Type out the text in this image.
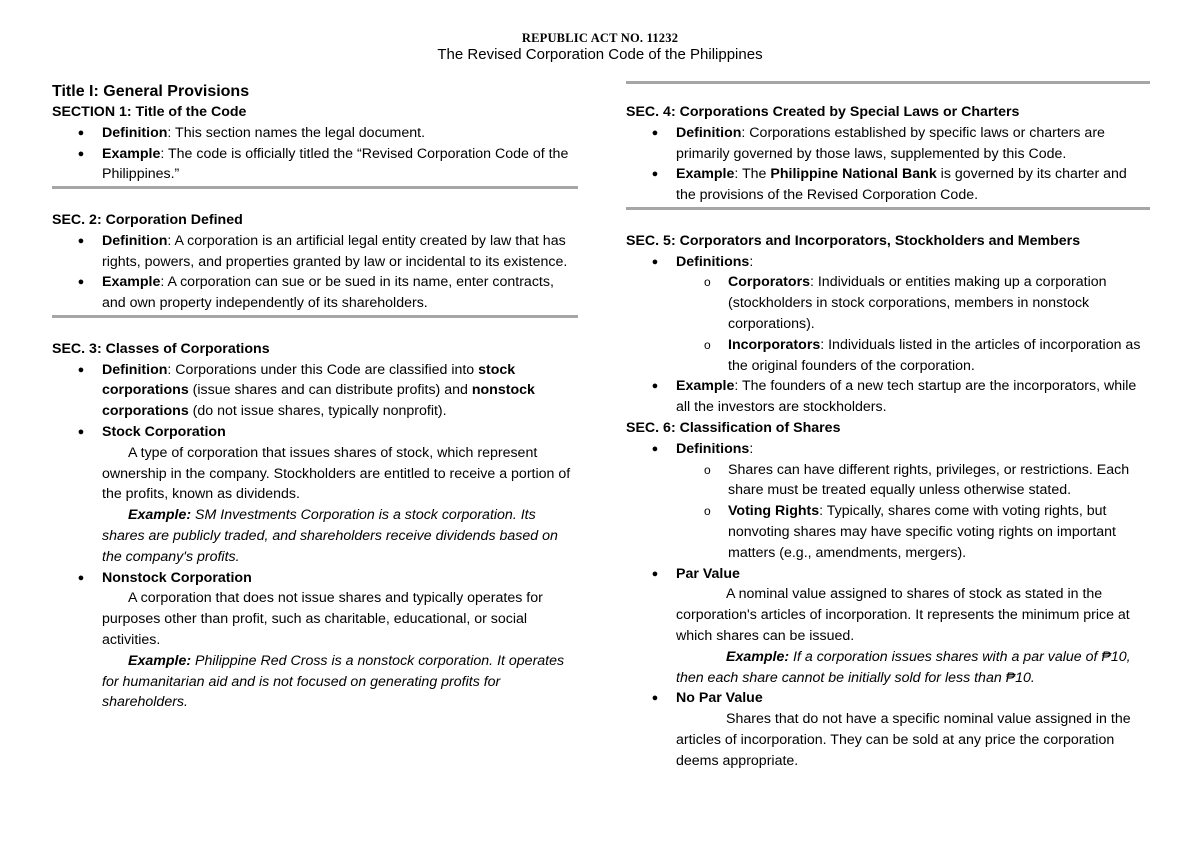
REPUBLIC ACT NO. 11232
The Revised Corporation Code of the Philippines
Title I: General Provisions
SECTION 1: Title of the Code
● Definition: This section names the legal document.
● Example: The code is officially titled the “Revised Corporation Code of the Philippines.”
SEC. 2: Corporation Defined
● Definition: A corporation is an artificial legal entity created by law that has rights, powers, and properties granted by law or incidental to its existence.
● Example: A corporation can sue or be sued in its name, enter contracts, and own property independently of its shareholders.
SEC. 3: Classes of Corporations
● Definition: Corporations under this Code are classified into stock corporations (issue shares and can distribute profits) and nonstock corporations (do not issue shares, typically nonprofit).
● Stock Corporation
A type of corporation that issues shares of stock, which represent ownership in the company. Stockholders are entitled to receive a portion of the profits, known as dividends.
Example: SM Investments Corporation is a stock corporation. Its shares are publicly traded, and shareholders receive dividends based on the company's profits.
● Nonstock Corporation
A corporation that does not issue shares and typically operates for purposes other than profit, such as charitable, educational, or social activities.
Example: Philippine Red Cross is a nonstock corporation. It operates for humanitarian aid and is not focused on generating profits for shareholders.
SEC. 4: Corporations Created by Special Laws or Charters
● Definition: Corporations established by specific laws or charters are primarily governed by those laws, supplemented by this Code.
● Example: The Philippine National Bank is governed by its charter and the provisions of the Revised Corporation Code.
SEC. 5: Corporators and Incorporators, Stockholders and Members
● Definitions:
o Corporators: Individuals or entities making up a corporation (stockholders in stock corporations, members in nonstock corporations).
o Incorporators: Individuals listed in the articles of incorporation as the original founders of the corporation.
● Example: The founders of a new tech startup are the incorporators, while all the investors are stockholders.
SEC. 6: Classification of Shares
● Definitions:
o Shares can have different rights, privileges, or restrictions. Each share must be treated equally unless otherwise stated.
o Voting Rights: Typically, shares come with voting rights, but nonvoting shares may have specific voting rights on important matters (e.g., amendments, mergers).
● Par Value
A nominal value assigned to shares of stock as stated in the corporation's articles of incorporation. It represents the minimum price at which shares can be issued.
Example: If a corporation issues shares with a par value of ₱10, then each share cannot be initially sold for less than ₱10.
● No Par Value
Shares that do not have a specific nominal value assigned in the articles of incorporation. They can be sold at any price the corporation deems appropriate.
